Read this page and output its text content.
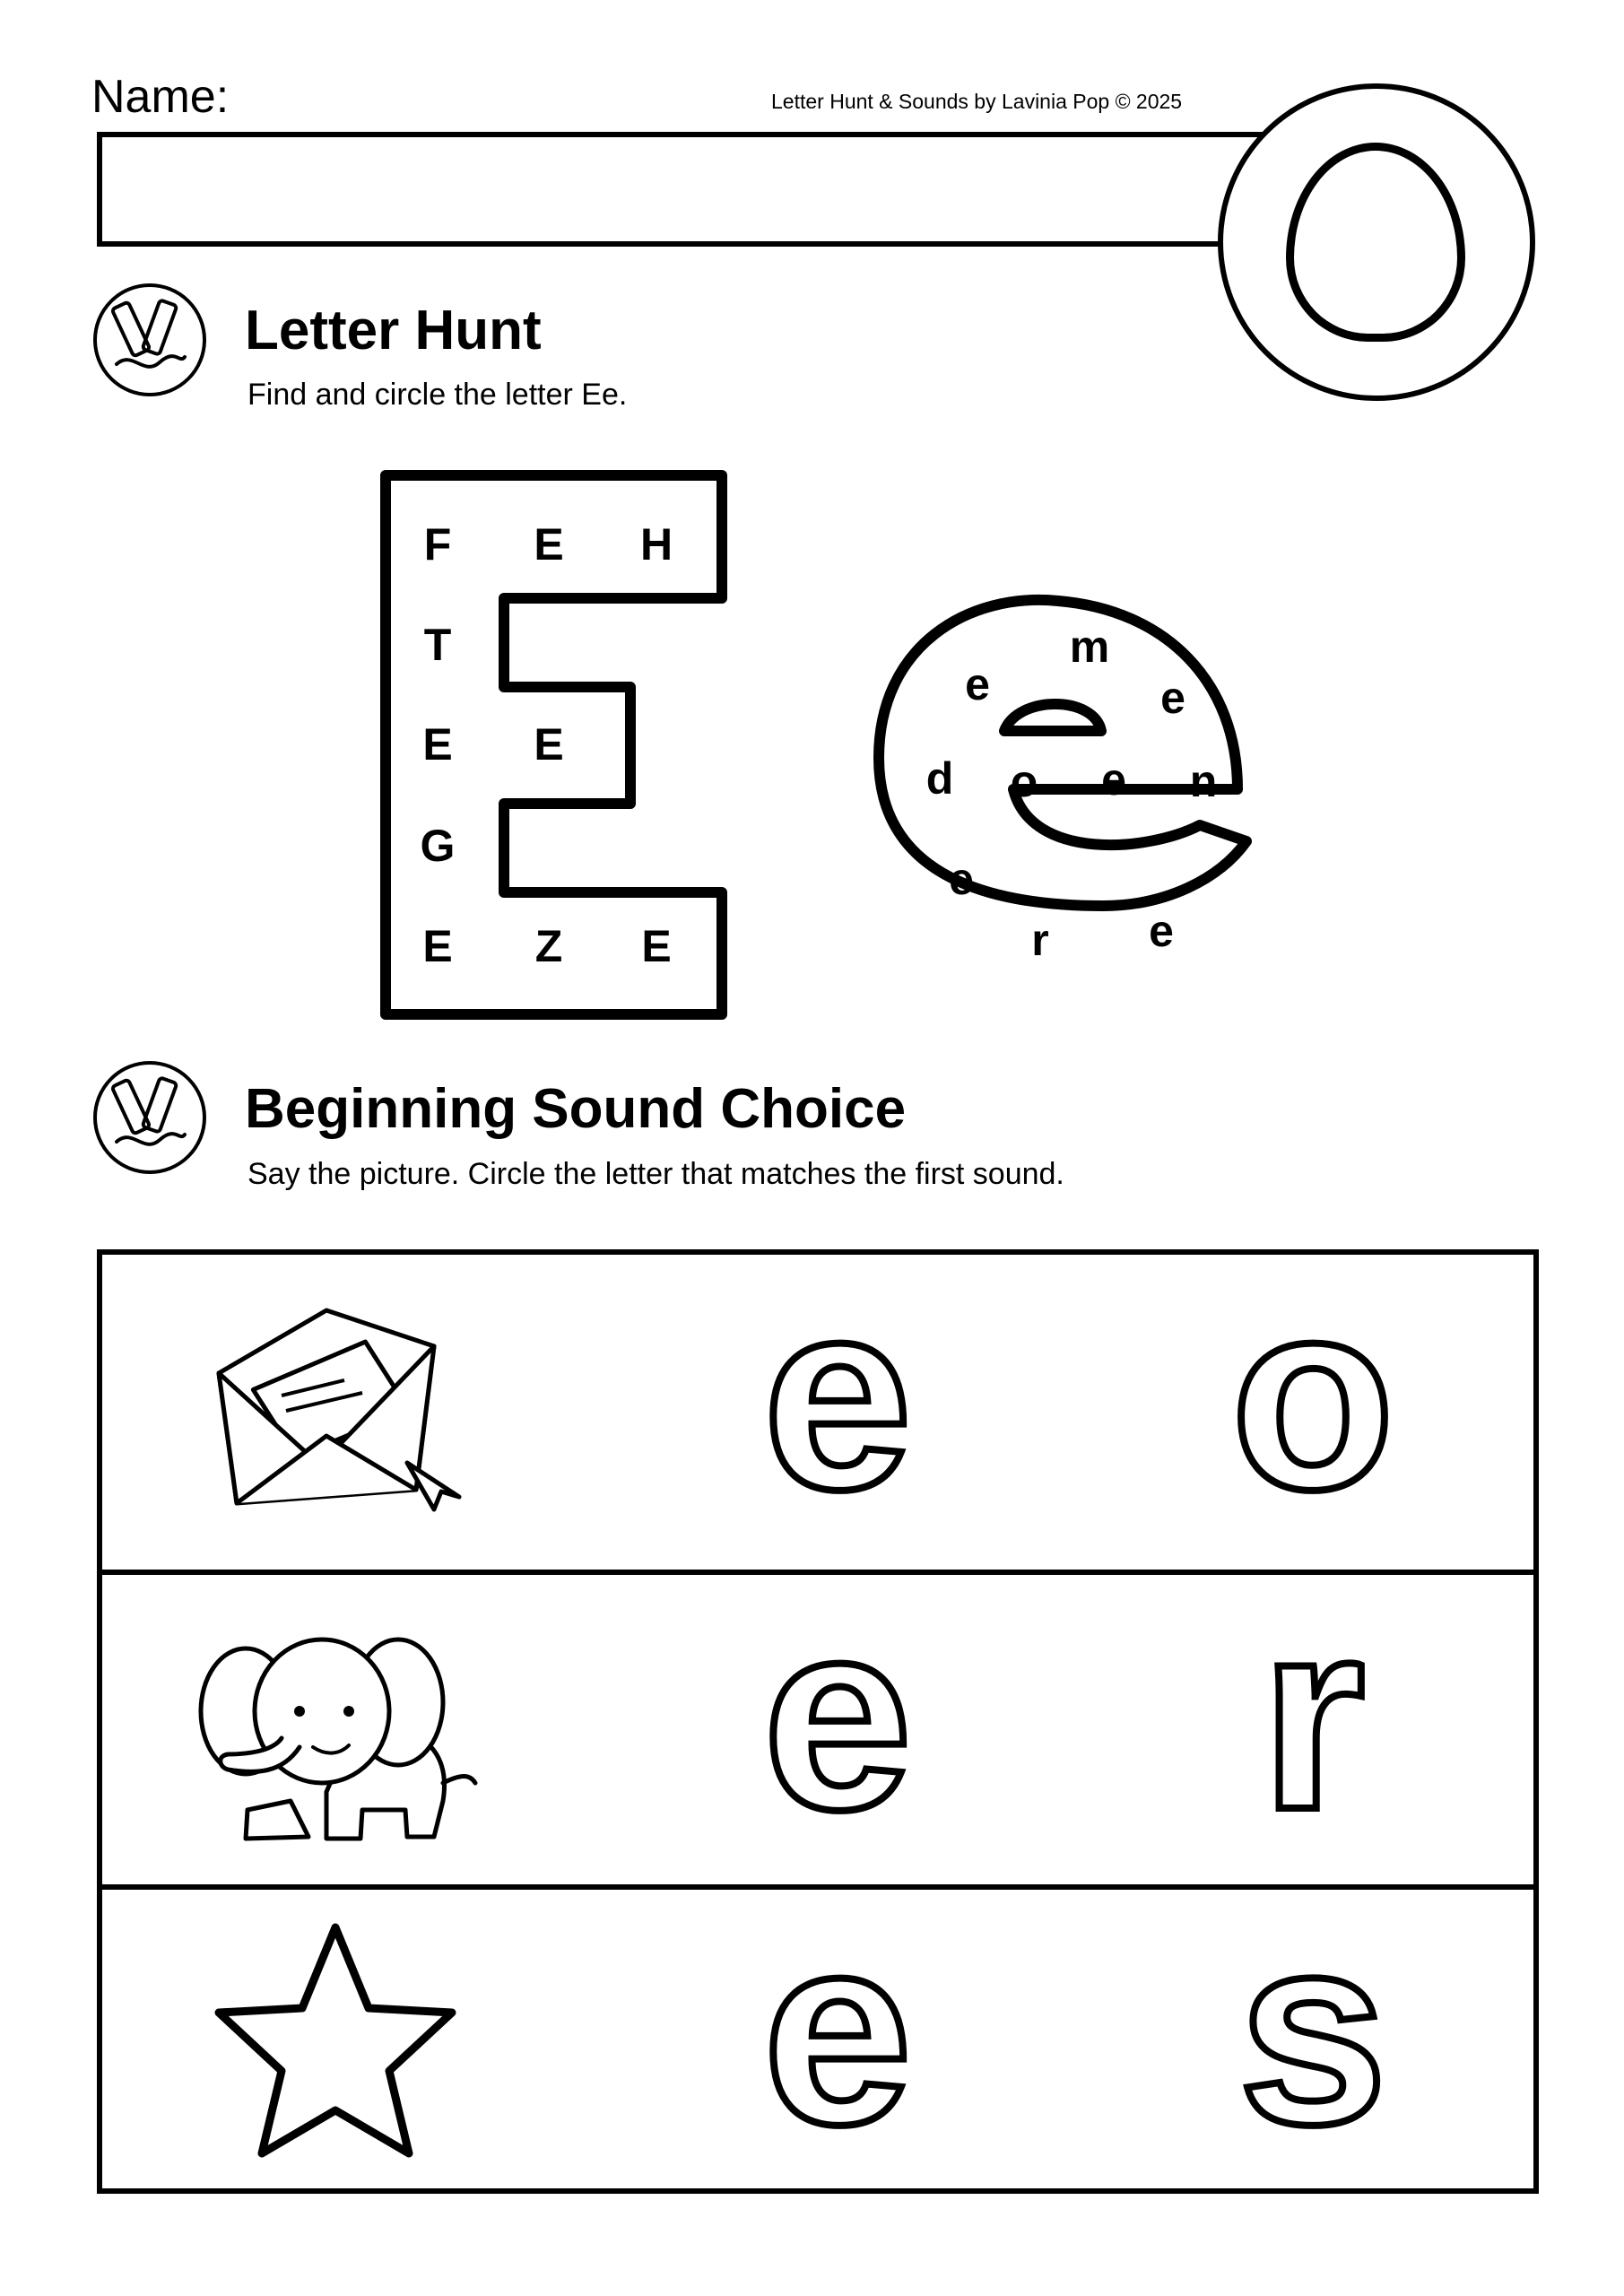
Name:	Letter Hunt & Sounds by Lavinia Pop © 2025
Letter Hunt
Find and circle the letter Ee.
F E H
T
E E
G
E Z E
m
e	e
d o e n
e
r e
Beginning Sound Choice
Say the picture. Circle the letter that matches the first sound.
e o
e r
e s
